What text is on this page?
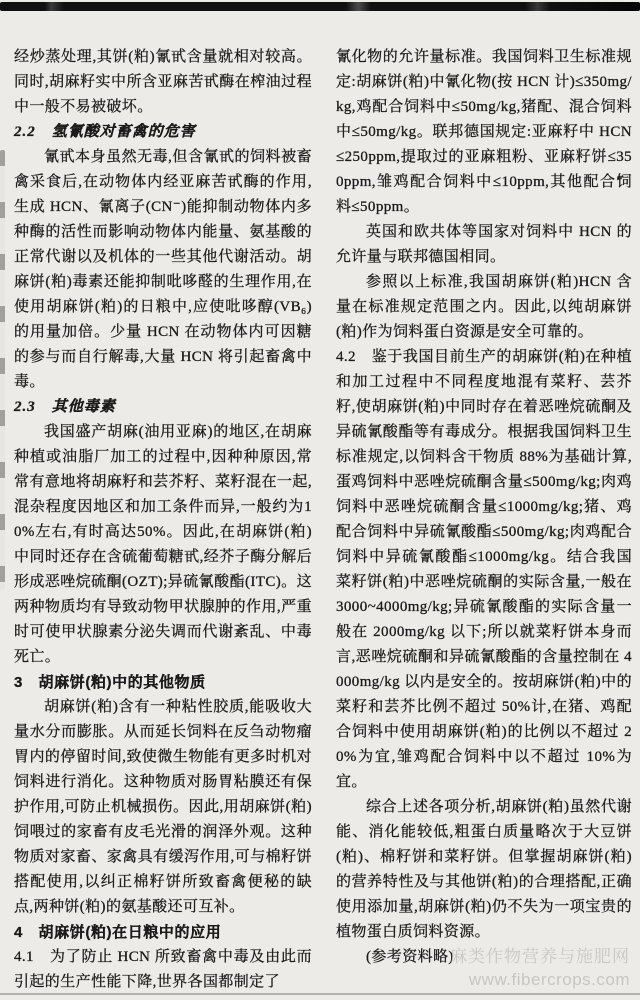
经炒蒸处理,其饼(粕)氰甙含量就相对较高。同时,胡麻籽实中所含亚麻苦甙酶在榨油过程中一般不易被破坏。

2.2　氢氰酸对畜禽的危害

氰甙本身虽然无毒,但含氰甙的饲料被畜禽采食后,在动物体内经亚麻苦甙酶的作用,生成 HCN、氰离子(CN⁻)能抑制动物体内多种酶的活性而影响动物体内能量、氨基酸的正常代谢以及机体的一些其他代谢活动。胡麻饼(粕)毒素还能抑制吡哆醛的生理作用,在使用胡麻饼(粕)的日粮中,应使吡哆醇(VB₆)的用量加倍。少量 HCN 在动物体内可因糖的参与而自行解毒,大量 HCN 将引起畜禽中毒。

2.3　其他毒素

我国盛产胡麻(油用亚麻)的地区,在胡麻种植或油脂厂加工的过程中,因种种原因,常常有意地将胡麻籽和芸芥籽、菜籽混在一起,混杂程度因地区和加工条件而异,一般约为10%左右,有时高达50%。因此,在胡麻饼(粕)中同时还存在含硫葡萄糖甙,经芥子酶分解后形成恶唑烷硫酮(OZT);异硫氰酸酯(ITC)。这两种物质均有导致动物甲状腺肿的作用,严重时可使甲状腺素分泌失调而代谢紊乱、中毒死亡。

3　胡麻饼(粕)中的其他物质

胡麻饼(粕)含有一种粘性胶质,能吸收大量水分而膨胀。从而延长饲料在反刍动物瘤胃内的停留时间,致使微生物能有更多时机对饲料进行消化。这种物质对肠胃粘膜还有保护作用,可防止机械损伤。因此,用胡麻饼(粕)饲喂过的家畜有皮毛光滑的润泽外观。这种物质对家畜、家禽具有缓泻作用,可与棉籽饼搭配使用,以纠正棉籽饼所致畜禽便秘的缺点,两种饼(粕)的氨基酸还可互补。

4　胡麻饼(粕)在日粮中的应用

4.1　为了防止 HCN 所致畜禽中毒及由此而引起的生产性能下降,世界各国都制定了

氰化物的允许量标准。我国饲料卫生标准规定:胡麻饼(粕)中氰化物(按 HCN 计)≤350mg/kg,鸡配合饲料中≤50mg/kg,猪配、混合饲料中≤50mg/kg。联邦德国规定:亚麻籽中 HCN≤250ppm,提取过的亚麻粗粉、亚麻籽饼≤350ppm,雏鸡配合饲料中≤10ppm,其他配合饲料≤50ppm。

英国和欧共体等国家对饲料中 HCN 的允许量与联邦德国相同。

参照以上标准,我国胡麻饼(粕)HCN 含量在标准规定范围之内。因此,以纯胡麻饼(粕)作为饲料蛋白资源是安全可靠的。

4.2　鉴于我国目前生产的胡麻饼(粕)在种植和加工过程中不同程度地混有菜籽、芸芥籽,使胡麻饼(粕)中同时存在着恶唑烷硫酮及异硫氰酸酯等有毒成分。根据我国饲料卫生标准规定,以饲料含干物质 88%为基础计算,蛋鸡饲料中恶唑烷硫酮含量≤500mg/kg;肉鸡饲料中恶唑烷硫酮含量≤1000mg/kg;猪、鸡配合饲料中异硫氰酸酯≤500mg/kg;肉鸡配合饲料中异硫氰酸酯≤1000mg/kg。结合我国菜籽饼(粕)中恶唑烷硫酮的实际含量,一般在 3000~4000mg/kg;异硫氰酸酯的实际含量一般在 2000mg/kg 以下;所以就菜籽饼本身而言,恶唑烷硫酮和异硫氰酸酯的含量控制在 4000mg/kg 以内是安全的。按胡麻饼(粕)中的菜籽和芸芥比例不超过 50%计,在猪、鸡配合饲料中使用胡麻饼(粕)的比例以不超过 20%为宜,雏鸡配合饲料中以不超过 10%为宜。

综合上述各项分析,胡麻饼(粕)虽然代谢能、消化能较低,粗蛋白质量略次于大豆饼(粕)、棉籽饼和菜籽饼。但掌握胡麻饼(粕)的营养特性及与其他饼(粕)的合理搭配,正确使用添加量,胡麻饼(粕)仍不失为一项宝贵的植物蛋白质饲料资源。

(参考资料略)

麻类作物营养与施肥网
www.fibercrops.com
